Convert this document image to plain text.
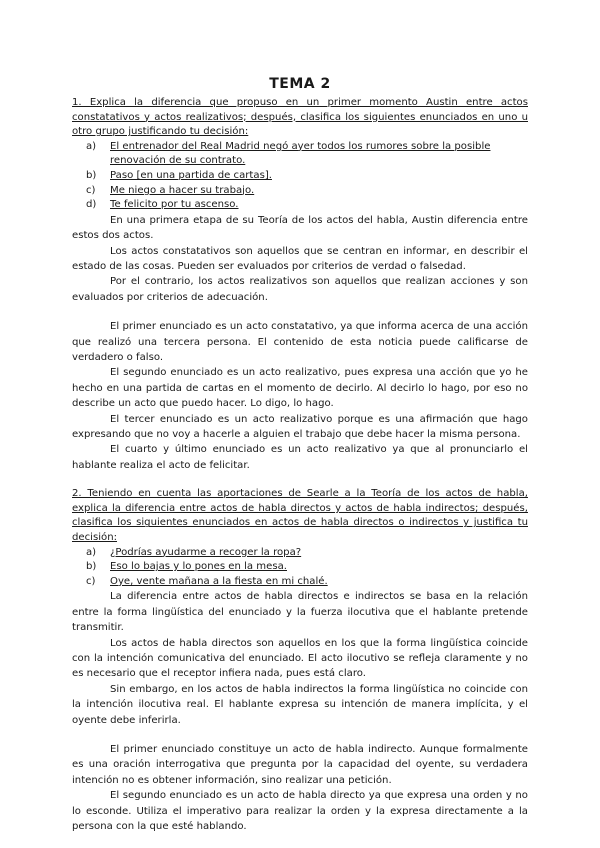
TEMA 2

1. Explica la diferencia que propuso en un primer momento Austin entre actos constatativos y actos realizativos; después, clasifica los siguientes enunciados en uno u otro grupo justificando tu decisión:

a) El entrenador del Real Madrid negó ayer todos los rumores sobre la posible renovación de su contrato.
b) Paso [en una partida de cartas].
c) Me niego a hacer su trabajo.
d) Te felicito por tu ascenso.

En una primera etapa de su Teoría de los actos del habla, Austin diferencia entre estos dos actos.

Los actos constatativos son aquellos que se centran en informar, en describir el estado de las cosas. Pueden ser evaluados por criterios de verdad o falsedad.

Por el contrario, los actos realizativos son aquellos que realizan acciones y son evaluados por criterios de adecuación.

El primer enunciado es un acto constatativo, ya que informa acerca de una acción que realizó una tercera persona. El contenido de esta noticia puede calificarse de verdadero o falso.

El segundo enunciado es un acto realizativo, pues expresa una acción que yo he hecho en una partida de cartas en el momento de decirlo. Al decirlo lo hago, por eso no describe un acto que puedo hacer. Lo digo, lo hago.

El tercer enunciado es un acto realizativo porque es una afirmación que hago expresando que no voy a hacerle a alguien el trabajo que debe hacer la misma persona.

El cuarto y último enunciado es un acto realizativo ya que al pronunciarlo el hablante realiza el acto de felicitar.

2. Teniendo en cuenta las aportaciones de Searle a la Teoría de los actos de habla, explica la diferencia entre actos de habla directos y actos de habla indirectos; después, clasifica los siguientes enunciados en actos de habla directos o indirectos y justifica tu decisión:

a) ¿Podrías ayudarme a recoger la ropa?
b) Eso lo bajas y lo pones en la mesa.
c) Oye, vente mañana a la fiesta en mi chalé.

La diferencia entre actos de habla directos e indirectos se basa en la relación entre la forma lingüística del enunciado y la fuerza ilocutiva que el hablante pretende transmitir.

Los actos de habla directos son aquellos en los que la forma lingüística coincide con la intención comunicativa del enunciado. El acto ilocutivo se refleja claramente y no es necesario que el receptor infiera nada, pues está claro.

Sin embargo, en los actos de habla indirectos la forma lingüística no coincide con la intención ilocutiva real. El hablante expresa su intención de manera implícita, y el oyente debe inferirla.

El primer enunciado constituye un acto de habla indirecto. Aunque formalmente es una oración interrogativa que pregunta por la capacidad del oyente, su verdadera intención no es obtener información, sino realizar una petición.

El segundo enunciado es un acto de habla directo ya que expresa una orden y no lo esconde. Utiliza el imperativo para realizar la orden y la expresa directamente a la persona con la que esté hablando.
